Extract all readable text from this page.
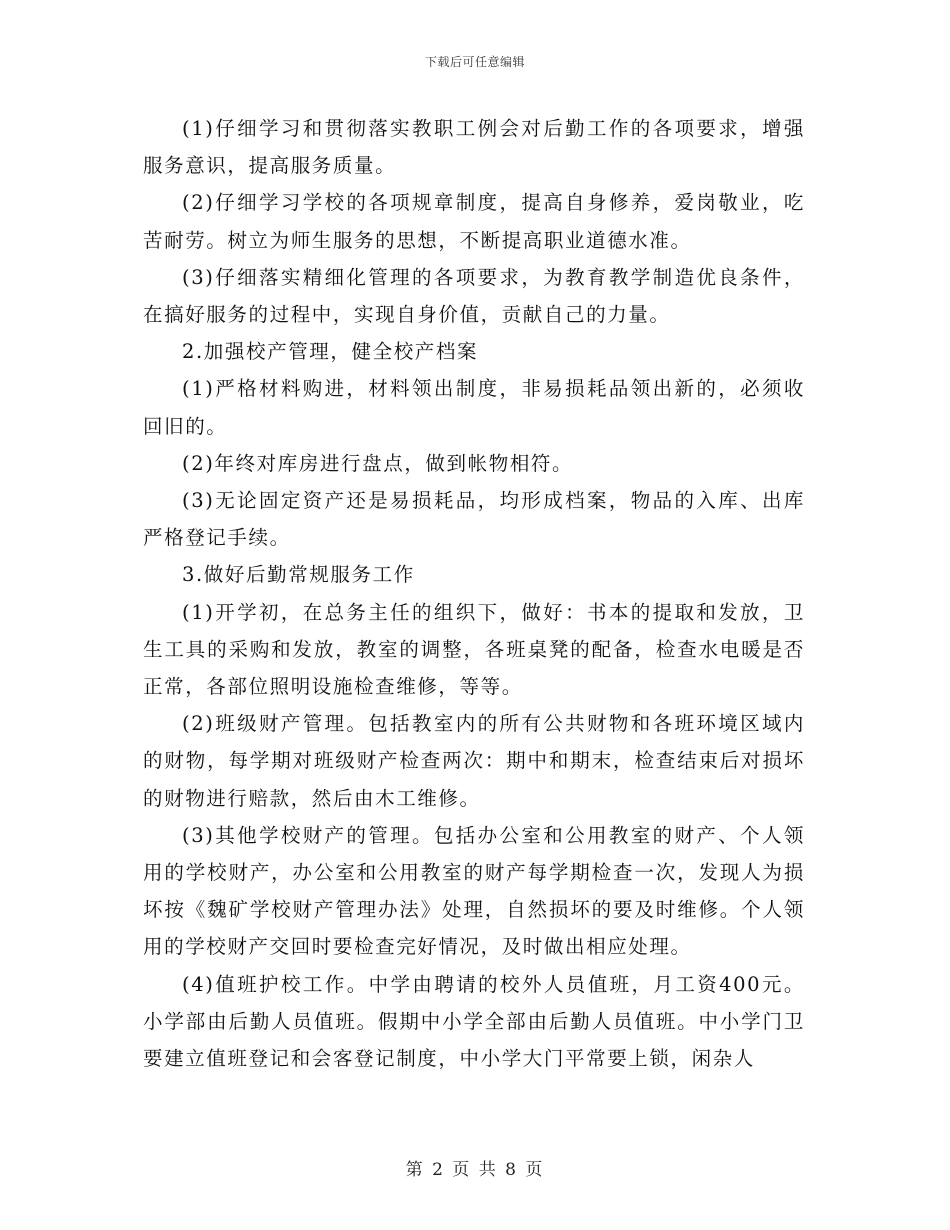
下载后可任意编辑

(1)仔细学习和贯彻落实教职工例会对后勤工作的各项要求，增强服务意识，提高服务质量。

(2)仔细学习学校的各项规章制度，提高自身修养，爱岗敬业，吃苦耐劳。树立为师生服务的思想，不断提高职业道德水准。

(3)仔细落实精细化管理的各项要求，为教育教学制造优良条件，在搞好服务的过程中，实现自身价值，贡献自己的力量。

2.加强校产管理，健全校产档案

(1)严格材料购进，材料领出制度，非易损耗品领出新的，必须收回旧的。

(2)年终对库房进行盘点，做到帐物相符。

(3)无论固定资产还是易损耗品，均形成档案，物品的入库、出库严格登记手续。

3.做好后勤常规服务工作

(1)开学初，在总务主任的组织下，做好：书本的提取和发放，卫生工具的采购和发放，教室的调整，各班桌凳的配备，检查水电暖是否正常，各部位照明设施检查维修，等等。

(2)班级财产管理。包括教室内的所有公共财物和各班环境区域内的财物，每学期对班级财产检查两次：期中和期末，检查结束后对损坏的财物进行赔款，然后由木工维修。

(3)其他学校财产的管理。包括办公室和公用教室的财产、个人领用的学校财产，办公室和公用教室的财产每学期检查一次，发现人为损坏按《魏矿学校财产管理办法》处理，自然损坏的要及时维修。个人领用的学校财产交回时要检查完好情况，及时做出相应处理。

(4)值班护校工作。中学由聘请的校外人员值班，月工资400元。小学部由后勤人员值班。假期中小学全部由后勤人员值班。中小学门卫要建立值班登记和会客登记制度，中小学大门平常要上锁，闲杂人

第 2 页 共 8 页
